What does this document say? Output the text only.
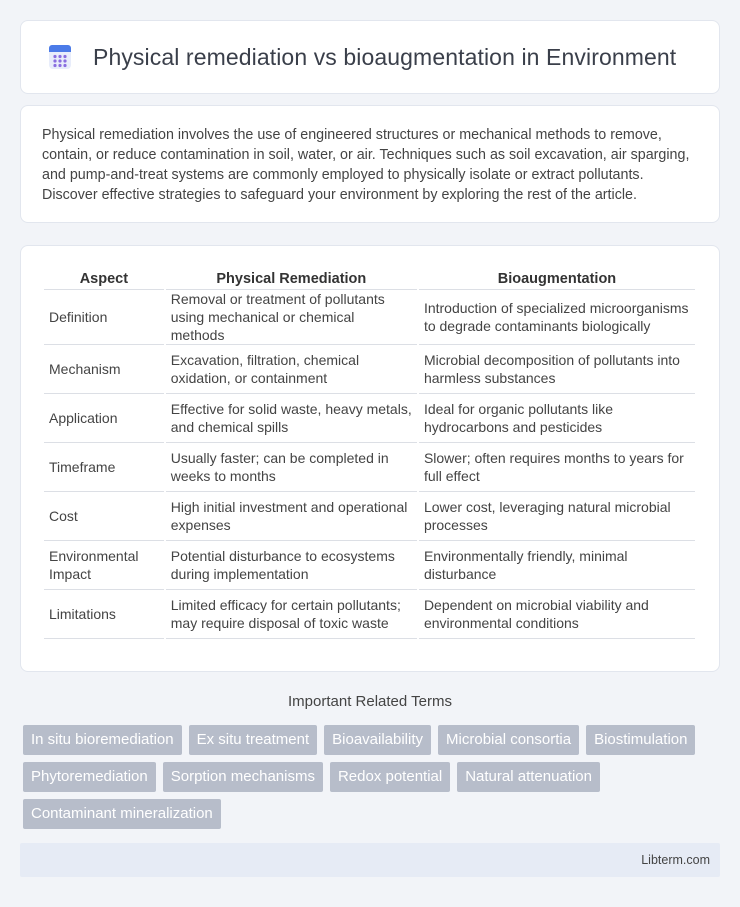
Physical remediation vs bioaugmentation in Environment

Physical remediation involves the use of engineered structures or mechanical methods to remove, contain, or reduce contamination in soil, water, or air. Techniques such as soil excavation, air sparging, and pump-and-treat systems are commonly employed to physically isolate or extract pollutants. Discover effective strategies to safeguard your environment by exploring the rest of the article.

Aspect	Physical Remediation	Bioaugmentation
Definition	Removal or treatment of pollutants using mechanical or chemical methods	Introduction of specialized microorganisms to degrade contaminants biologically
Mechanism	Excavation, filtration, chemical oxidation, or containment	Microbial decomposition of pollutants into harmless substances
Application	Effective for solid waste, heavy metals, and chemical spills	Ideal for organic pollutants like hydrocarbons and pesticides
Timeframe	Usually faster; can be completed in weeks to months	Slower; often requires months to years for full effect
Cost	High initial investment and operational expenses	Lower cost, leveraging natural microbial processes
Environmental Impact	Potential disturbance to ecosystems during implementation	Environmentally friendly, minimal disturbance
Limitations	Limited efficacy for certain pollutants; may require disposal of toxic waste	Dependent on microbial viability and environmental conditions
Important Related Terms
In situ bioremediation	Ex situ treatment	Bioavailability	Microbial consortia	Biostimulation
Phytoremediation	Sorption mechanisms	Redox potential	Natural attenuation
Contaminant mineralization
Libterm.com
